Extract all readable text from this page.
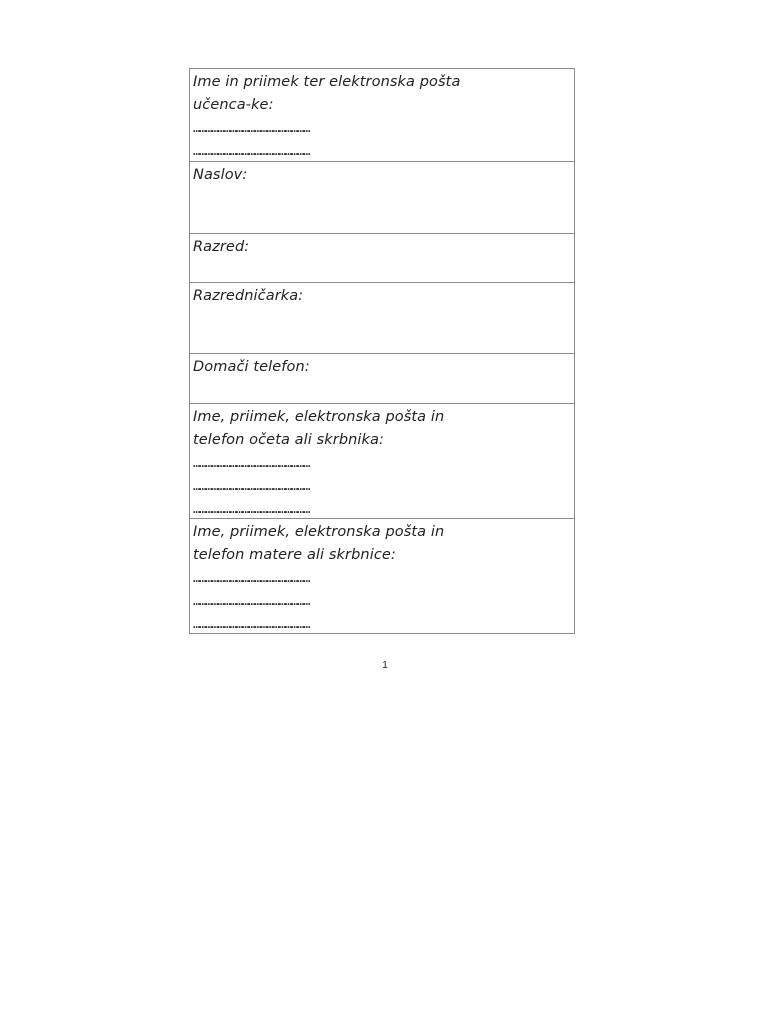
Ime in priimek ter elektronska pošta
učenca-ke:
…………………………………………………
…………………………………………………
Naslov:
Razred:
Razredničarka:
Domači telefon:
Ime, priimek, elektronska pošta in
telefon očeta ali skrbnika:
…………………………………………………
…………………………………………………
…………………………………………………
Ime, priimek, elektronska pošta in
telefon matere ali skrbnice:
…………………………………………………
…………………………………………………
…………………………………………………
1
